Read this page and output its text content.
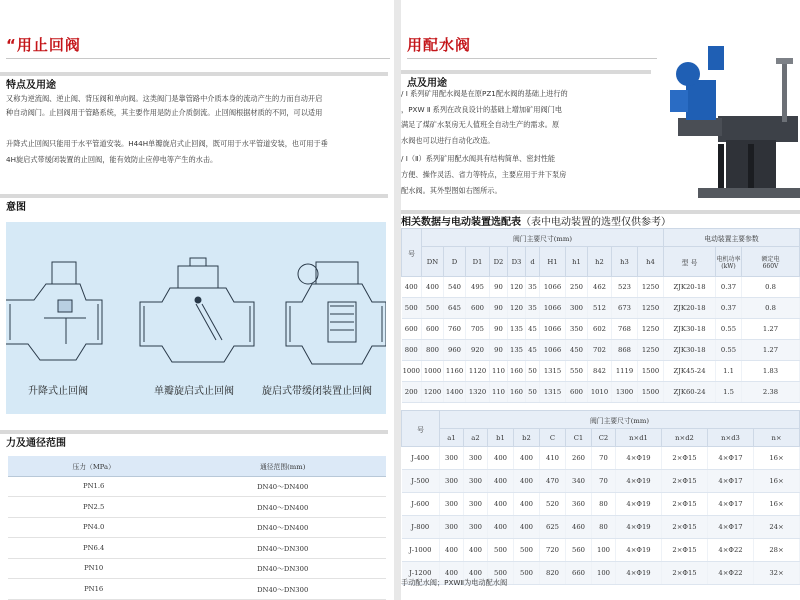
“用止回阀
特点及用途
又称为逆流阀、逆止阀、背压阀和单向阀。这类阀门是靠管路中介质本身的流动产生的力而自动开启
种自动阀门。止回阀用于管路系统，其主要作用是防止介质倒流。止回阀根据材质的不同，可以适用
升降式止回阀只能用于水平管道安装。H44H单瓣旋启式止回阀，既可用于水平管道安装，也可用于垂
4H旋启式带缓闭装置的止回阀，能有效防止应停电等产生的水击。
意图
升降式止回阀	单瓣旋启式止回阀	旋启式带缓闭装置止回阀
力及通径范围
压力（MPa）	通径范围(mm)
PN1.6	DN40～DN400
PN2.5	DN40～DN400
PN4.0	DN40～DN400
PN6.4	DN40～DN300
PN10	DN40～DN300
PN16	DN40～DN300
用配水阀
点及用途
/ I 系列矿用配水阀是在原PZ1配水阀的基础上进行的
，PXW Ⅱ 系列在改良设计的基础上增加矿用阀门电
满足了煤矿水泵房无人值班全自动生产的需求。原
水阀也可以进行自动化改造。
/ I（Ⅱ）系列矿用配水阀具有结构简单、密封性能
方便、操作灵活、省力等特点，主要应用于井下泵房
配水阀。其外型图如右图所示。
相关数据与电动装置选配表（表中电动装置的选型仅供参考）
号	阀门主要尺寸(mm)											电动装置主要参数		
	DN	D	D1	D2	D3	d	H1	h1	h2	h3	h4	型 号	电机功率(kW)	额定电
660V

400	400	540	495	90	120	35	1066	250	462	523	1250	ZJK20-18	0.37	0.8
500	500	645	600	90	120	35	1066	300	512	673	1250	ZJK20-18	0.37	0.8
600	600	760	705	90	135	45	1066	350	602	768	1250	ZJK30-18	0.55	1.27
800	800	960	920	90	135	45	1066	450	702	868	1250	ZJK30-18	0.55	1.27
1000	1000	1160	1120	110	160	50	1315	550	842	1119	1500	ZJK45-24	1.1	1.83
200	1200	1400	1320	110	160	50	1315	600	1010	1300	1500	ZJK60-24	1.5	2.38
号	阀门主要尺寸(mm)										
	a1	a2	b1	b2	C	C1	C2	n×d1	n×d2	n×d3	n×
J-400	300	300	400	400	410	260	70	4×Φ19	2×Φ15	4×Φ17	16×
J-500	300	300	400	400	470	340	70	4×Φ19	2×Φ15	4×Φ17	16×
J-600	300	300	400	400	520	360	80	4×Φ19	2×Φ15	4×Φ17	16×
J-800	300	300	400	400	625	460	80	4×Φ19	2×Φ15	4×Φ17	24×
J-1000	400	400	500	500	720	560	100	4×Φ19	2×Φ15	4×Φ22	28×
J-1200	400	400	500	500	820	660	100	4×Φ19	2×Φ15	4×Φ22	32×
手动配水阀；PXWⅡ为电动配水阀
